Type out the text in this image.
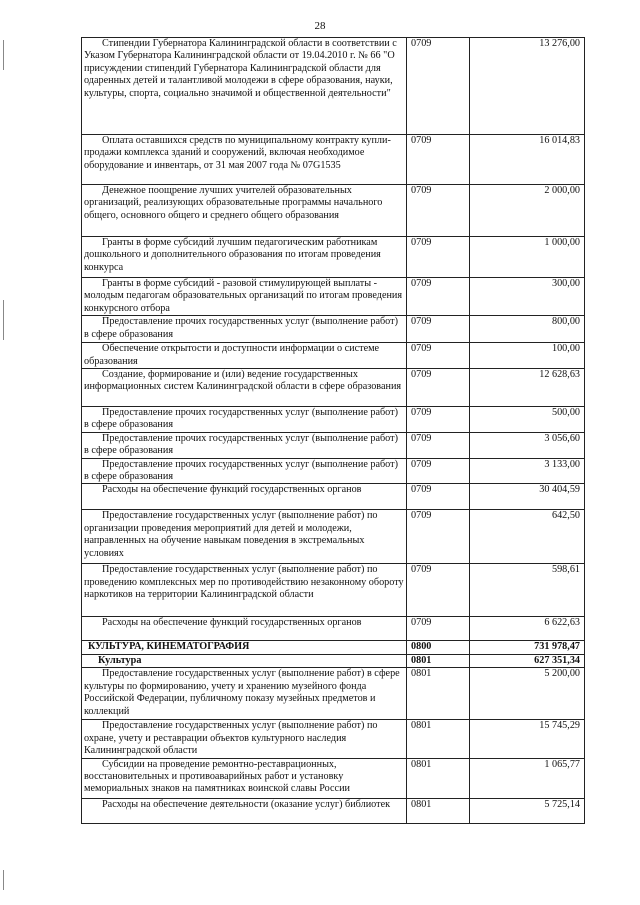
28
Стипендии Губернатора Калининградской области в соответствии с Указом Губернатора Калининградской области от 19.04.2010 г. № 66 "О присуждении стипендий Губернатора Калининградской области для одаренных детей и талантливой молодежи в сфере образования, науки, культуры, спорта, социально значимой и общественной деятельности"	0709	13 276,00
Оплата оставшихся средств по муниципальному контракту купли-продажи комплекса зданий и сооружений, включая необходимое оборудование и инвентарь, от 31 мая 2007 года № 07G1535	0709	16 014,83
Денежное поощрение лучших учителей образовательных организаций, реализующих образовательные программы начального общего, основного общего и среднего общего образования	0709	2 000,00
Гранты в форме субсидий лучшим педагогическим работникам дошкольного и дополнительного образования по итогам проведения конкурса	0709	1 000,00
Гранты в форме субсидий - разовой стимулирующей выплаты - молодым педагогам образовательных организаций по итогам проведения конкурсного отбора	0709	300,00
Предоставление прочих государственных услуг (выполнение работ) в сфере образования	0709	800,00
Обеспечение открытости и доступности информации о системе образования	0709	100,00
Создание, формирование и (или) ведение государственных информационных систем Калининградской области в сфере образования	0709	12 628,63
Предоставление прочих государственных услуг (выполнение работ) в сфере образования	0709	500,00
Предоставление прочих государственных услуг (выполнение работ) в сфере образования	0709	3 056,60
Предоставление прочих государственных услуг (выполнение работ) в сфере образования	0709	3 133,00
Расходы на обеспечение функций государственных органов	0709	30 404,59
Предоставление государственных услуг (выполнение работ) по организации проведения мероприятий для детей и молодежи, направленных на обучение навыкам поведения в экстремальных условиях	0709	642,50
Предоставление государственных услуг (выполнение работ) по проведению комплексных мер по противодействию незаконному обороту наркотиков на территории Калининградской области	0709	598,61
Расходы на обеспечение функций государственных органов	0709	6 622,63
КУЛЬТУРА, КИНЕМАТОГРАФИЯ	0800	731 978,47
Культура	0801	627 351,34
Предоставление государственных услуг (выполнение работ) в сфере культуры по формированию, учету и хранению музейного фонда Российской Федерации, публичному показу музейных предметов и коллекций	0801	5 200,00
Предоставление государственных услуг (выполнение работ) по охране, учету и реставрации объектов культурного наследия Калининградской области	0801	15 745,29
Субсидии на проведение ремонтно-реставрационных, восстановительных и противоаварийных работ и установку мемориальных знаков на памятниках воинской славы России	0801	1 065,77
Расходы на обеспечение деятельности (оказание услуг) библиотек	0801	5 725,14
